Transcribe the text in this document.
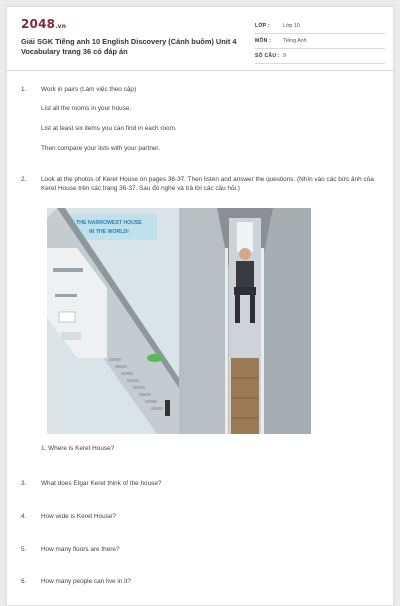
2048.vn
Giải SGK Tiếng anh 10 English Discovery (Cánh buồm) Unit 4 Vocabulary trang 36 có đáp án
LỚP :	Lớp 10
MÔN :	Tiếng Anh
SỐ CÂU : 9
1.	Work in pairs (Làm việc theo cặp)
List all the rooms in your house.
List at least six items you can find in each room.
Then compare your lists with your partner.
2.	Look at the photos of Keret House on pages 36-37. Then listen and answer the questions. (Nhìn vào các bức ảnh của Keret House trên các trang 36-37. Sau đó nghe và trả lời các câu hỏi.)
THE NARROWEST HOUSE
IN THE WORLD!
1. Where is Keret House?
3.	What does Etgar Keret think of the house?
4.	How wide is Keret House?
5.	How many floors are there?
6.	How many people can live in it?
